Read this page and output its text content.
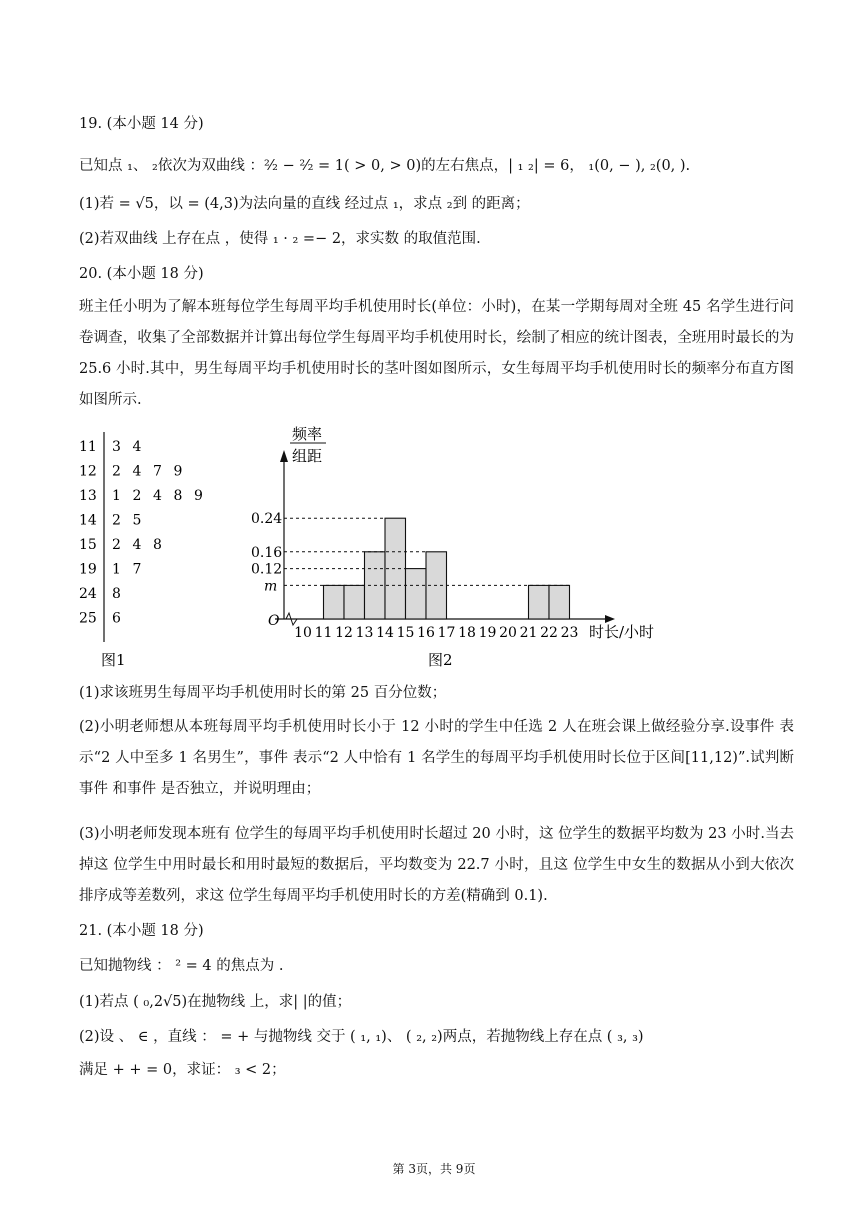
19. (本小题 14 分)
已知点 ₁、 ₂依次为双曲线 ：²⁄₂ − ²⁄₂ = 1( > 0, > 0)的左右焦点，| ₁ ₂| = 6， ₁(0, − ), ₂(0, ).
(1)若 = √5，以 = (4,3)为法向量的直线 经过点 ₁，求点 ₂到 的距离；
(2)若双曲线 上存在点 ，使得 ₁ · ₂ =− 2，求实数 的取值范围.
20. (本小题 18 分)
班主任小明为了解本班每位学生每周平均手机使用时长(单位：小时)，在某一学期每周对全班 45 名学生进行问卷调查，收集了全部数据并计算出每位学生每周平均手机使用时长，绘制了相应的统计图表，全班用时最长的为 25.6 小时.其中，男生每周平均手机使用时长的茎叶图如图所示，女生每周平均手机使用时长的频率分布直方图如图所示.
11 3 4
12 2 4 7 9
13 1 2 4 8 9
14 2 5
15 2 4 8
19 1 7
24 8
25 6
图1
频率
组距
0.24
0.16
0.12
m
O
10 11 12 13 14 15 16 17 18 19 20 21 22 23 时长/小时
图2
(1)求该班男生每周平均手机使用时长的第 25 百分位数；
(2)小明老师想从本班每周平均手机使用时长小于 12 小时的学生中任选 2 人在班会课上做经验分享.设事件 表示“2 人中至多 1 名男生”，事件 表示“2 人中恰有 1 名学生的每周平均手机使用时长位于区间[11,12)”.试判断事件 和事件 是否独立，并说明理由；
(3)小明老师发现本班有 位学生的每周平均手机使用时长超过 20 小时，这 位学生的数据平均数为 23 小时.当去掉这 位学生中用时最长和用时最短的数据后，平均数变为 22.7 小时，且这 位学生中女生的数据从小到大依次排序成等差数列，求这 位学生每周平均手机使用时长的方差(精确到 0.1).
21. (本小题 18 分)
已知抛物线 ： ² = 4 的焦点为 .
(1)若点 ( ₀,2√5)在抛物线 上，求| |的值；
(2)设 、 ∈ ，直线 ： = + 与抛物线 交于 ( ₁, ₁)、 ( ₂, ₂)两点，若抛物线上存在点 ( ₃, ₃)
满足 + + = 0，求证： ₃ < 2；
第 3页，共 9页
